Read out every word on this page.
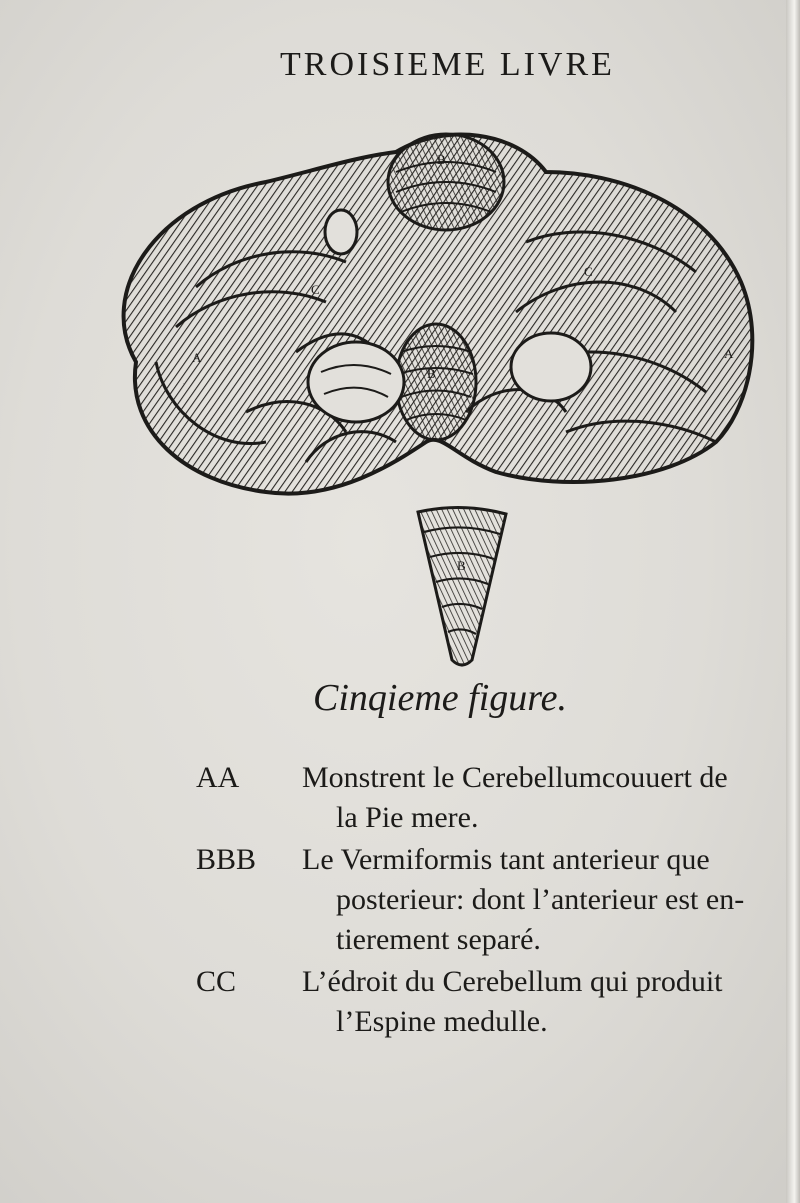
TROISIEME LIVRE
B
B
B
C
C
A	A
Cinqieme figure.
AA	Monstrent le Cerebellumcouuert de
la Pie mere.
BBB	Le Vermiformis tant anterieur que
posterieur: dont l’anterieur est en-
tierement separé.
CC	L’édroit du Cerebellum qui produit
l’Espine medulle.
